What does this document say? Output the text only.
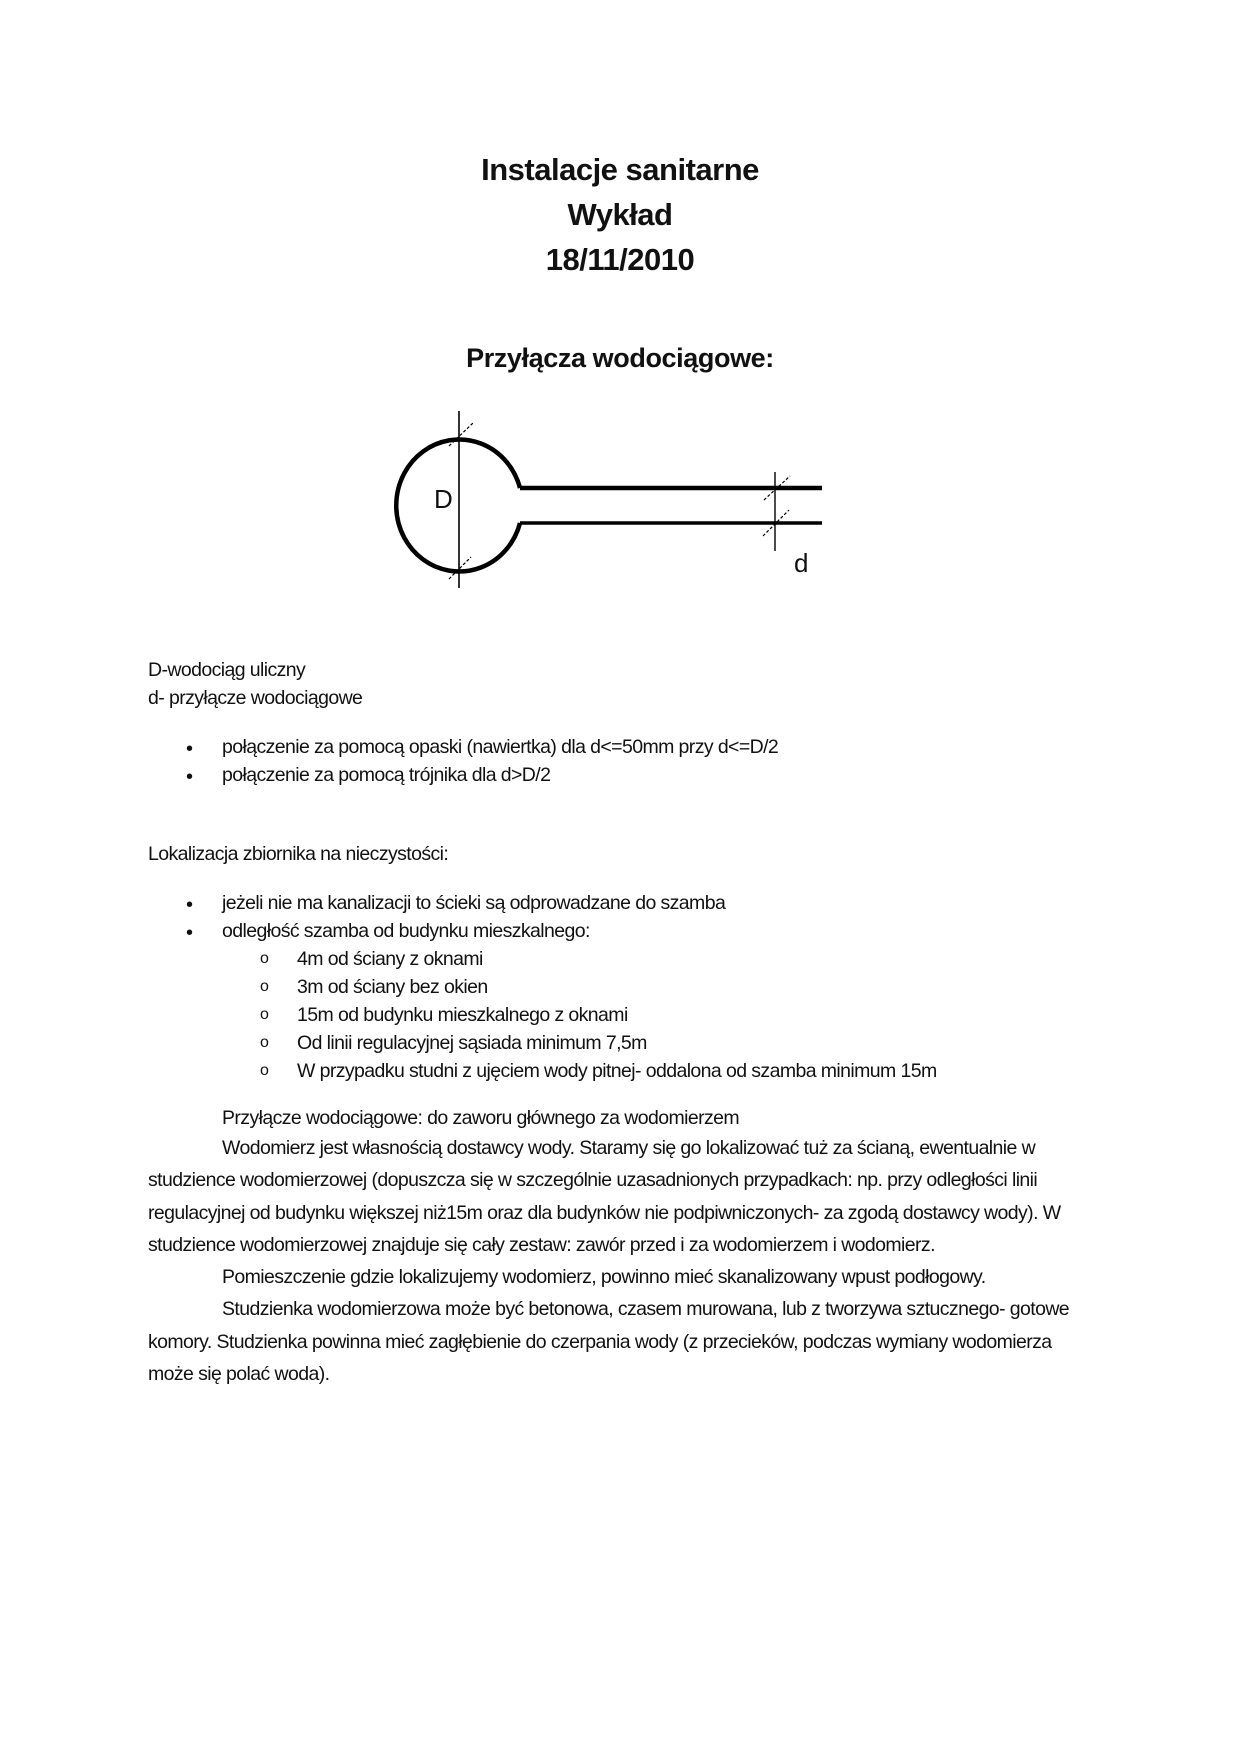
Instalacje sanitarne
Wykład
18/11/2010
Przyłącza wodociągowe:
D
d
D-wodociąg uliczny
d- przyłącze wodociągowe
• połączenie za pomocą opaski (nawiertka) dla d<=50mm przy d<=D/2
• połączenie za pomocą trójnika dla d>D/2
Lokalizacja zbiornika na nieczystości:
• jeżeli nie ma kanalizacji to ścieki są odprowadzane do szamba
• odległość szamba od budynku mieszkalnego:
o 4m od ściany z oknami
o 3m od ściany bez okien
o 15m od budynku mieszkalnego z oknami
o Od linii regulacyjnej sąsiada minimum 7,5m
o W przypadku studni z ujęciem wody pitnej- oddalona od szamba minimum 15m

Przyłącze wodociągowe: do zaworu głównego za wodomierzem

Wodomierz jest własnością dostawcy wody. Staramy się go lokalizować tuż za ścianą, ewentualnie w studzience wodomierzowej (dopuszcza się w szczególnie uzasadnionych przypadkach: np. przy odległości linii regulacyjnej od budynku większej niż15m oraz dla budynków nie podpiwniczonych- za zgodą dostawcy wody). W studzience wodomierzowej znajduje się cały zestaw: zawór przed i za wodomierzem i wodomierz.

Pomieszczenie gdzie lokalizujemy wodomierz, powinno mieć skanalizowany wpust podłogowy.

Studzienka wodomierzowa może być betonowa, czasem murowana, lub z tworzywa sztucznego- gotowe komory. Studzienka powinna mieć zagłębienie do czerpania wody (z przecieków, podczas wymiany wodomierza może się polać woda).
